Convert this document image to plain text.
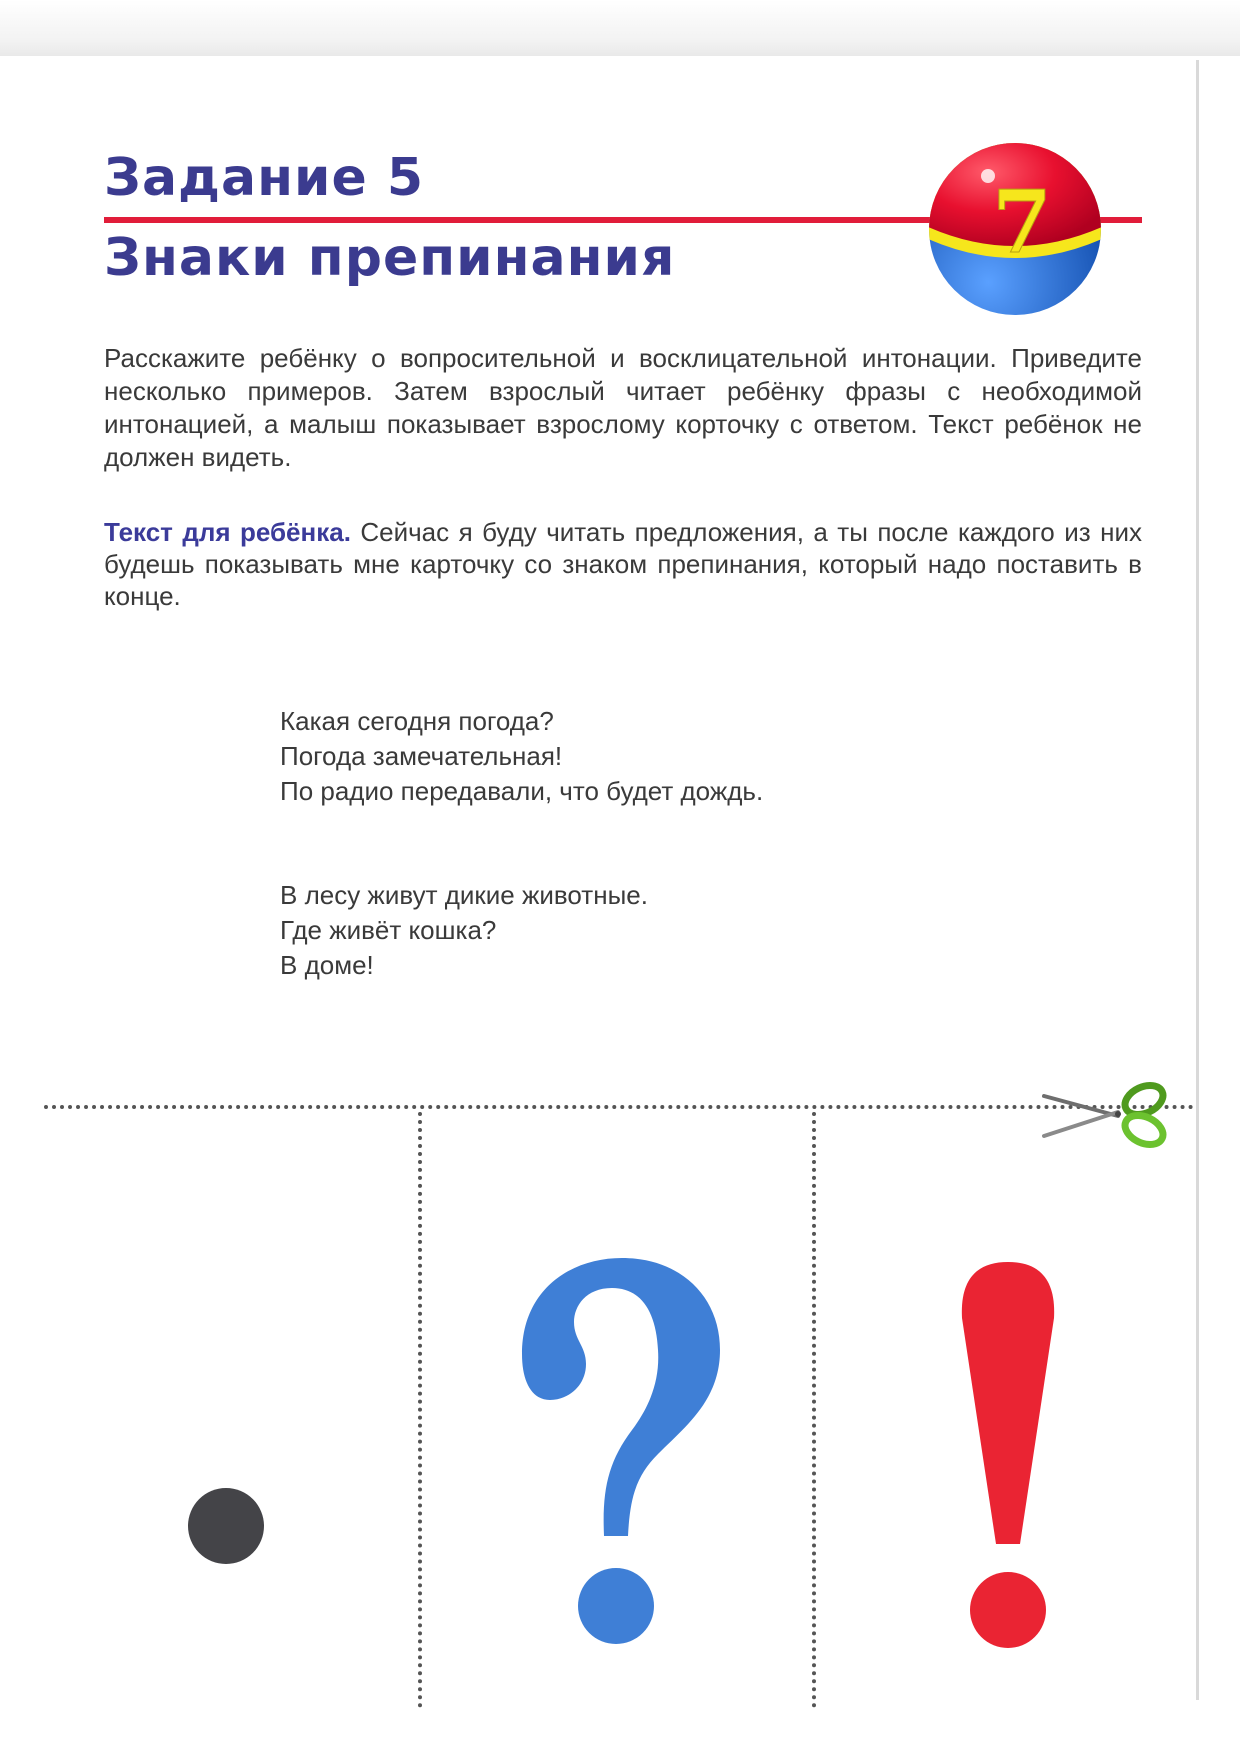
Задание 5
Знаки препинания	7

Расскажите ребёнку о вопросительной и восклицательной интонации. Приведите несколько примеров. Затем взрослый читает ребёнку фразы с необходимой интонацией, а малыш показывает взрослому корточку с ответом. Текст ребёнок не должен видеть.

Текст для ребёнка. Сейчас я буду читать предложения, а ты после каждого из них будешь показывать мне карточку со знаком препинания, который надо поставить в конце.

Какая сегодня погода?
Погода замечательная!
По радио передавали, что будет дождь.
В лесу живут дикие животные.
Где живёт кошка?
В доме!
